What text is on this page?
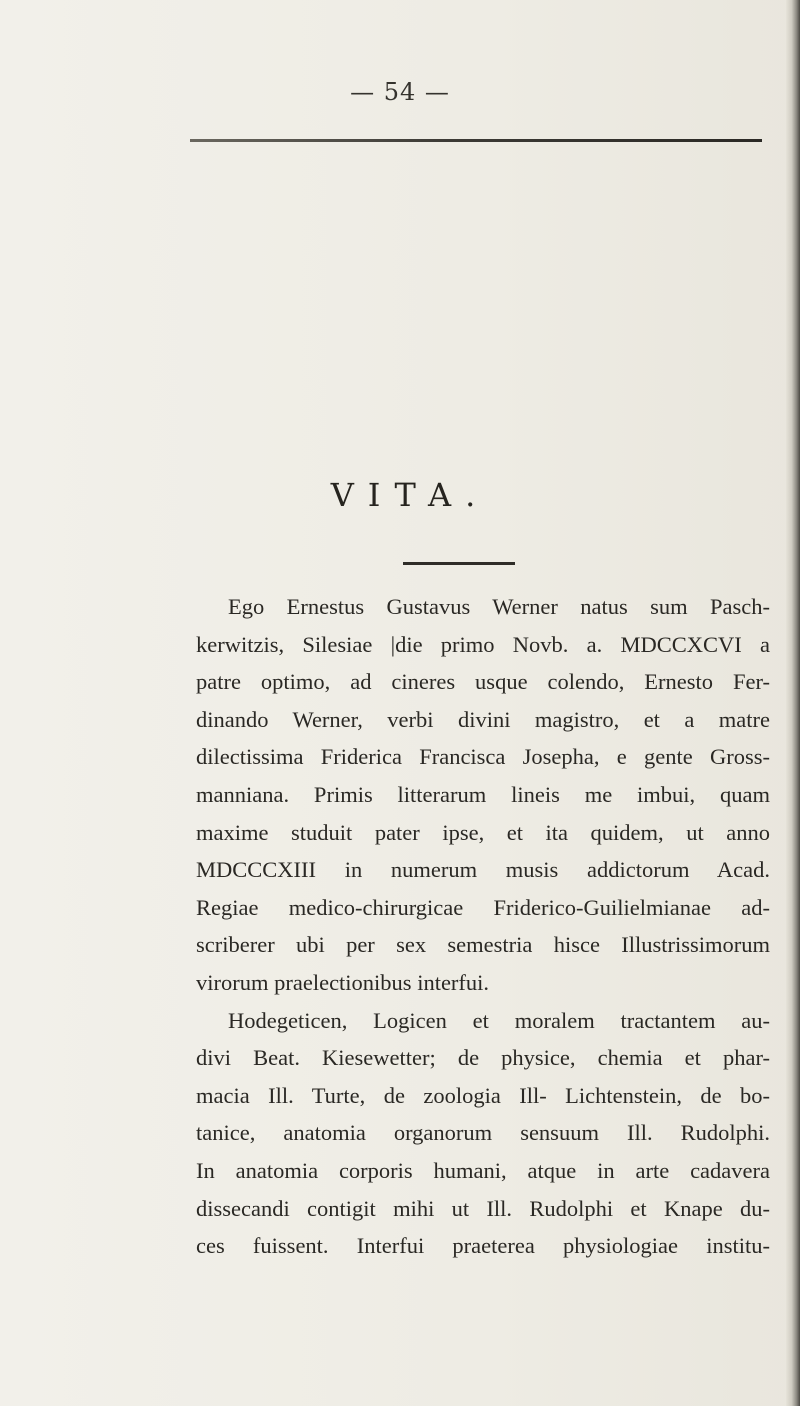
— 54 —
VITA.
Ego Ernestus Gustavus Werner natus sum Pasch-
kerwitzis, Silesiae |die primo Novb. a. MDCCXCVI a
patre optimo, ad cineres usque colendo, Ernesto Fer-
dinando Werner, verbi divini magistro, et a matre
dilectissima Friderica Francisca Josepha, e gente Gross-
manniana. Primis litterarum lineis me imbui, quam
maxime studuit pater ipse, et ita quidem, ut anno
MDCCCXIII in numerum musis addictorum Acad.
Regiae medico-chirurgicae Friderico-Guilielmianae ad-
scriberer ubi per sex semestria hisce Illustrissimorum
virorum praelectionibus interfui.
Hodegeticen, Logicen et moralem tractantem au-
divi Beat. Kiesewetter; de physice, chemia et phar-
macia Ill. Turte, de zoologia Ill- Lichtenstein, de bo-
tanice, anatomia organorum sensuum Ill. Rudolphi.
In anatomia corporis humani, atque in arte cadavera
dissecandi contigit mihi ut Ill. Rudolphi et Knape du-
ces fuissent. Interfui praeterea physiologiae institu-
